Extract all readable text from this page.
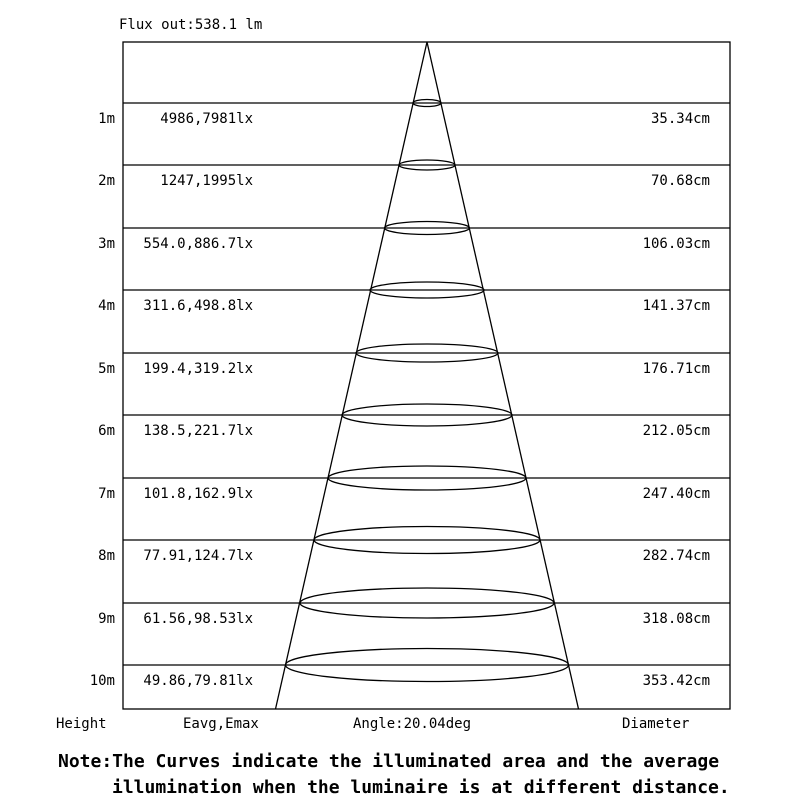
Flux out:538.1 lm
1m	4986,7981lx	35.34cm
2m	1247,1995lx	70.68cm
3m	554.0,886.7lx	106.03cm
4m	311.6,498.8lx	141.37cm
5m	199.4,319.2lx	176.71cm
6m	138.5,221.7lx	212.05cm
7m	101.8,162.9lx	247.40cm
8m	77.91,124.7lx	282.74cm
9m	61.56,98.53lx	318.08cm
10m	49.86,79.81lx	353.42cm
Height	Eavg,Emax	Angle:20.04deg	Diameter
Note:The Curves indicate the illuminated area and the average
illumination when the luminaire is at different distance.
